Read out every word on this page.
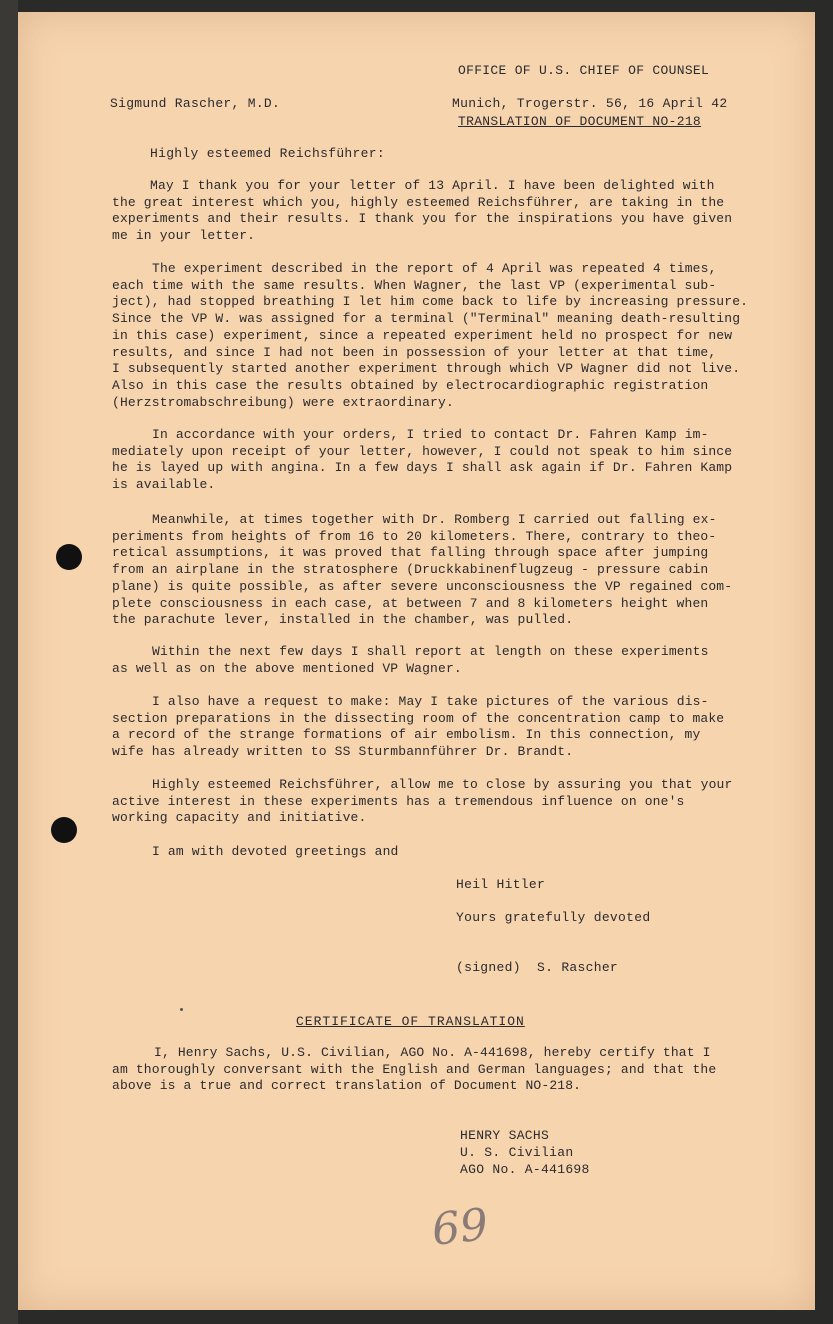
OFFICE OF U.S. CHIEF OF COUNSEL

TRANSLATION OF DOCUMENT NO-218

Sigmund Rascher, M.D.	Munich, Trogerstr. 56, 16 April 42
Highly esteemed Reichsführer:
May I thank you for your letter of 13 April. I have been delighted with
the great interest which you, highly esteemed Reichsführer, are taking in the
experiments and their results. I thank you for the inspirations you have given
me in your letter.
The experiment described in the report of 4 April was repeated 4 times,
each time with the same results. When Wagner, the last VP (experimental sub-
ject), had stopped breathing I let him come back to life by increasing pressure.
Since the VP W. was assigned for a terminal ("Terminal" meaning death-resulting
in this case) experiment, since a repeated experiment held no prospect for new
results, and since I had not been in possession of your letter at that time,
I subsequently started another experiment through which VP Wagner did not live.
Also in this case the results obtained by electrocardiographic registration
(Herzstromabschreibung) were extraordinary.
In accordance with your orders, I tried to contact Dr. Fahren Kamp im-
mediately upon receipt of your letter, however, I could not speak to him since
he is layed up with angina. In a few days I shall ask again if Dr. Fahren Kamp
is available.
Meanwhile, at times together with Dr. Romberg I carried out falling ex-
periments from heights of from 16 to 20 kilometers. There, contrary to theo-
retical assumptions, it was proved that falling through space after jumping
from an airplane in the stratosphere (Druckkabinenflugzeug - pressure cabin
plane) is quite possible, as after severe unconsciousness the VP regained com-
plete consciousness in each case, at between 7 and 8 kilometers height when
the parachute lever, installed in the chamber, was pulled.
Within the next few days I shall report at length on these experiments
as well as on the above mentioned VP Wagner.
I also have a request to make: May I take pictures of the various dis-
section preparations in the dissecting room of the concentration camp to make
a record of the strange formations of air embolism. In this connection, my
wife has already written to SS Sturmbannführer Dr. Brandt.
Highly esteemed Reichsführer, allow me to close by assuring you that your
active interest in these experiments has a tremendous influence on one's
working capacity and initiative.
I am with devoted greetings and
Heil Hitler
Yours gratefully devoted
(signed)  S. Rascher
CERTIFICATE OF TRANSLATION
I, Henry Sachs, U.S. Civilian, AGO No. A-441698, hereby certify that I
am thoroughly conversant with the English and German languages; and that the
above is a true and correct translation of Document NO-218.
HENRY SACHS
U. S. Civilian
AGO No. A-441698
69
